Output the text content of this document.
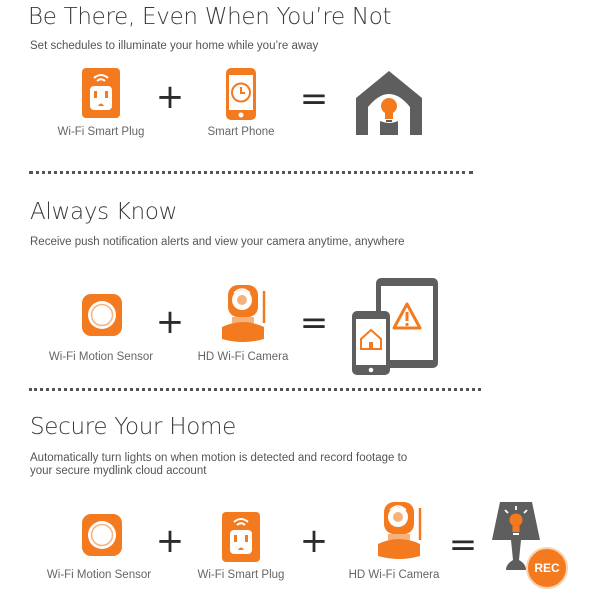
Be There, Even When You’re Not
Set schedules to illuminate your home while you’re away
Wi-Fi Smart Plug
+
Smart Phone
=
Always Know
Receive push notification alerts and view your camera anytime, anywhere
Wi-Fi Motion Sensor
+
HD Wi-Fi Camera
=
Secure Your Home
Automatically turn lights on when motion is detected and record footage to
your secure mydlink cloud account
Wi-Fi Motion Sensor
+
Wi-Fi Smart Plug
+
HD Wi-Fi Camera
=
REC
